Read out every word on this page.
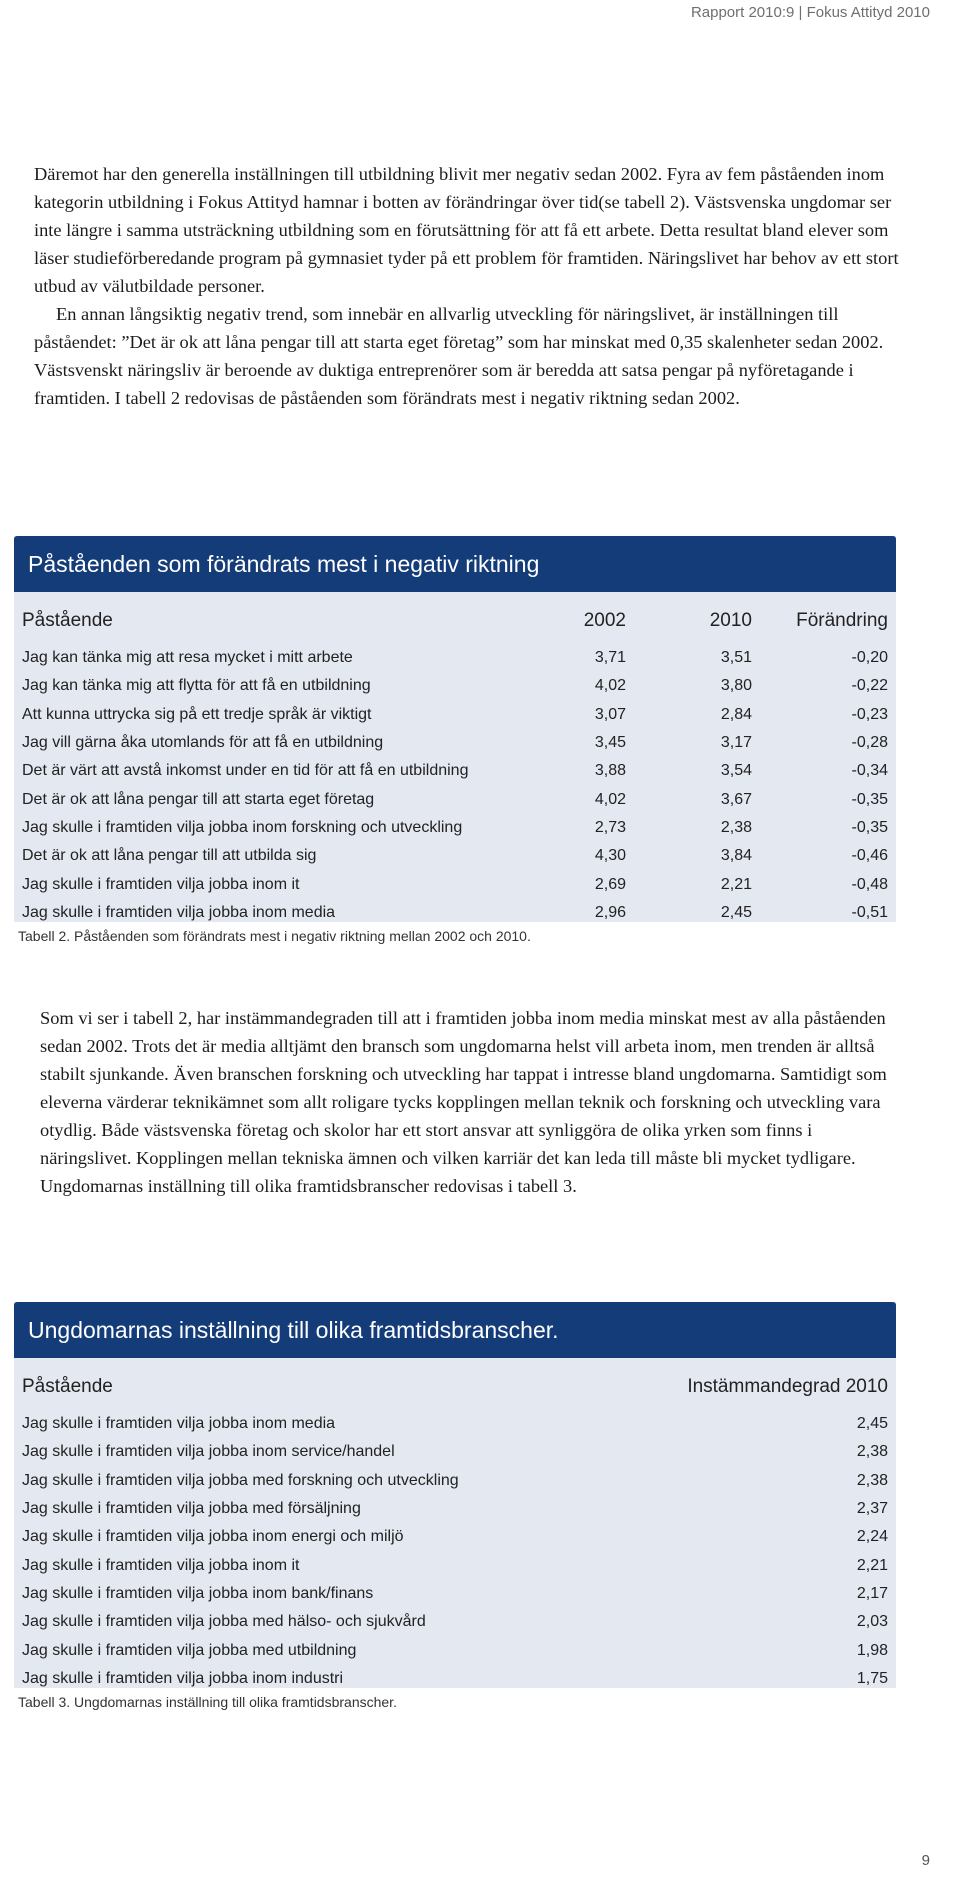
Rapport 2010:9 | Fokus Attityd 2010

Däremot har den generella inställningen till utbildning blivit mer negativ sedan 2002. Fyra av fem påståenden inom kategorin utbildning i Fokus Attityd hamnar i botten av förändringar över tid(se tabell 2). Västsvenska ungdomar ser inte längre i samma utsträckning utbildning som en förutsättning för att få ett arbete. Detta resultat bland elever som läser studieförberedande program på gymnasiet tyder på ett problem för framtiden. Näringslivet har behov av ett stort utbud av välutbildade personer.

En annan långsiktig negativ trend, som innebär en allvarlig utveckling för näringslivet, är inställningen till påståendet: ”Det är ok att låna pengar till att starta eget företag” som har minskat med 0,35 skalenheter sedan 2002. Västsvenskt näringsliv är beroende av duktiga entreprenörer som är beredda att satsa pengar på nyföretagande i framtiden. I tabell 2 redovisas de påståenden som förändrats mest i negativ riktning sedan 2002.

Påståenden som förändrats mest i negativ riktning
Påstående	2002	2010	Förändring
Jag kan tänka mig att resa mycket i mitt arbete	3,71	3,51	-0,20
Jag kan tänka mig att flytta för att få en utbildning	4,02	3,80	-0,22
Att kunna uttrycka sig på ett tredje språk är viktigt	3,07	2,84	-0,23
Jag vill gärna åka utomlands för att få en utbildning	3,45	3,17	-0,28
Det är värt att avstå inkomst under en tid för att få en utbildning	3,88	3,54	-0,34
Det är ok att låna pengar till att starta eget företag	4,02	3,67	-0,35
Jag skulle i framtiden vilja jobba inom forskning och utveckling	2,73	2,38	-0,35
Det är ok att låna pengar till att utbilda sig	4,30	3,84	-0,46
Jag skulle i framtiden vilja jobba inom it	2,69	2,21	-0,48
Jag skulle i framtiden vilja jobba inom media	2,96	2,45	-0,51
Tabell 2. Påståenden som förändrats mest i negativ riktning mellan 2002 och 2010.

Som vi ser i tabell 2, har instämmandegraden till att i framtiden jobba inom media minskat mest av alla påståenden sedan 2002. Trots det är media alltjämt den bransch som ungdomarna helst vill arbeta inom, men trenden är alltså stabilt sjunkande. Även branschen forskning och utveckling har tappat i intresse bland ungdomarna. Samtidigt som eleverna värderar teknikämnet som allt roligare tycks kopplingen mellan teknik och forskning och utveckling vara otydlig. Både västsvenska företag och skolor har ett stort ansvar att synliggöra de olika yrken som finns i näringslivet. Kopplingen mellan tekniska ämnen och vilken karriär det kan leda till måste bli mycket tydligare. Ungdomarnas inställning till olika framtidsbranscher redovisas i tabell 3.

Ungdomarnas inställning till olika framtidsbranscher.
Påstående	Instämmandegrad 2010
Jag skulle i framtiden vilja jobba inom media	2,45
Jag skulle i framtiden vilja jobba inom service/handel	2,38
Jag skulle i framtiden vilja jobba med forskning och utveckling	2,38
Jag skulle i framtiden vilja jobba med försäljning	2,37
Jag skulle i framtiden vilja jobba inom energi och miljö	2,24
Jag skulle i framtiden vilja jobba inom it	2,21
Jag skulle i framtiden vilja jobba inom bank/finans	2,17
Jag skulle i framtiden vilja jobba med hälso- och sjukvård	2,03
Jag skulle i framtiden vilja jobba med utbildning	1,98
Jag skulle i framtiden vilja jobba inom industri	1,75
Tabell 3. Ungdomarnas inställning till olika framtidsbranscher.
9
